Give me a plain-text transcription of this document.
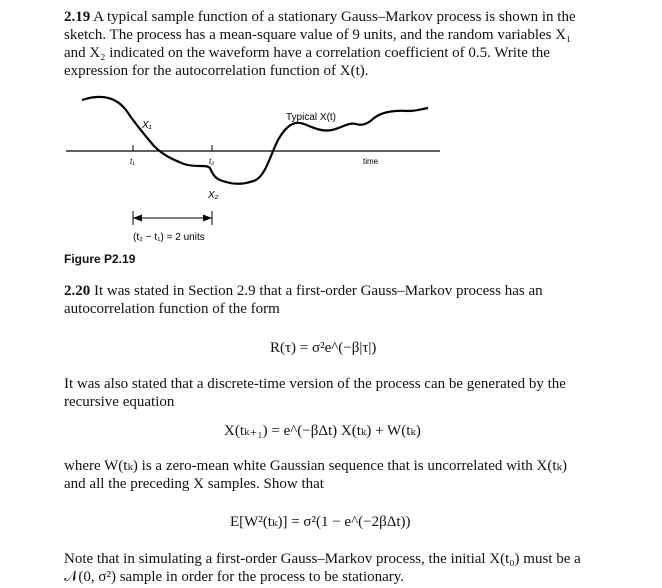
2.19 A typical sample function of a stationary Gauss–Markov process is shown in the sketch. The process has a mean-square value of 9 units, and the random variables X₁ and X₂ indicated on the waveform have a correlation coefficient of 0.5. Write the expression for the autocorrelation function of X(t).
X₁
t₁	t₂
X₂
Typical X(t)
time
(t₂ − t₁) = 2 units
Figure P2.19
2.20 It was stated in Section 2.9 that a first-order Gauss–Markov process has an autocorrelation function of the form
R(τ) = σ²e^(−β|τ|)
It was also stated that a discrete-time version of the process can be generated by the recursive equation
X(tₖ₊₁) = e^(−βΔt) X(tₖ) + W(tₖ)
where W(tₖ) is a zero-mean white Gaussian sequence that is uncorrelated with X(tₖ) and all the preceding X samples. Show that
E[W²(tₖ)] = σ²(1 − e^(−2βΔt))
Note that in simulating a first-order Gauss–Markov process, the initial X(t₀) must be a 𝒩(0, σ²) sample in order for the process to be stationary.
